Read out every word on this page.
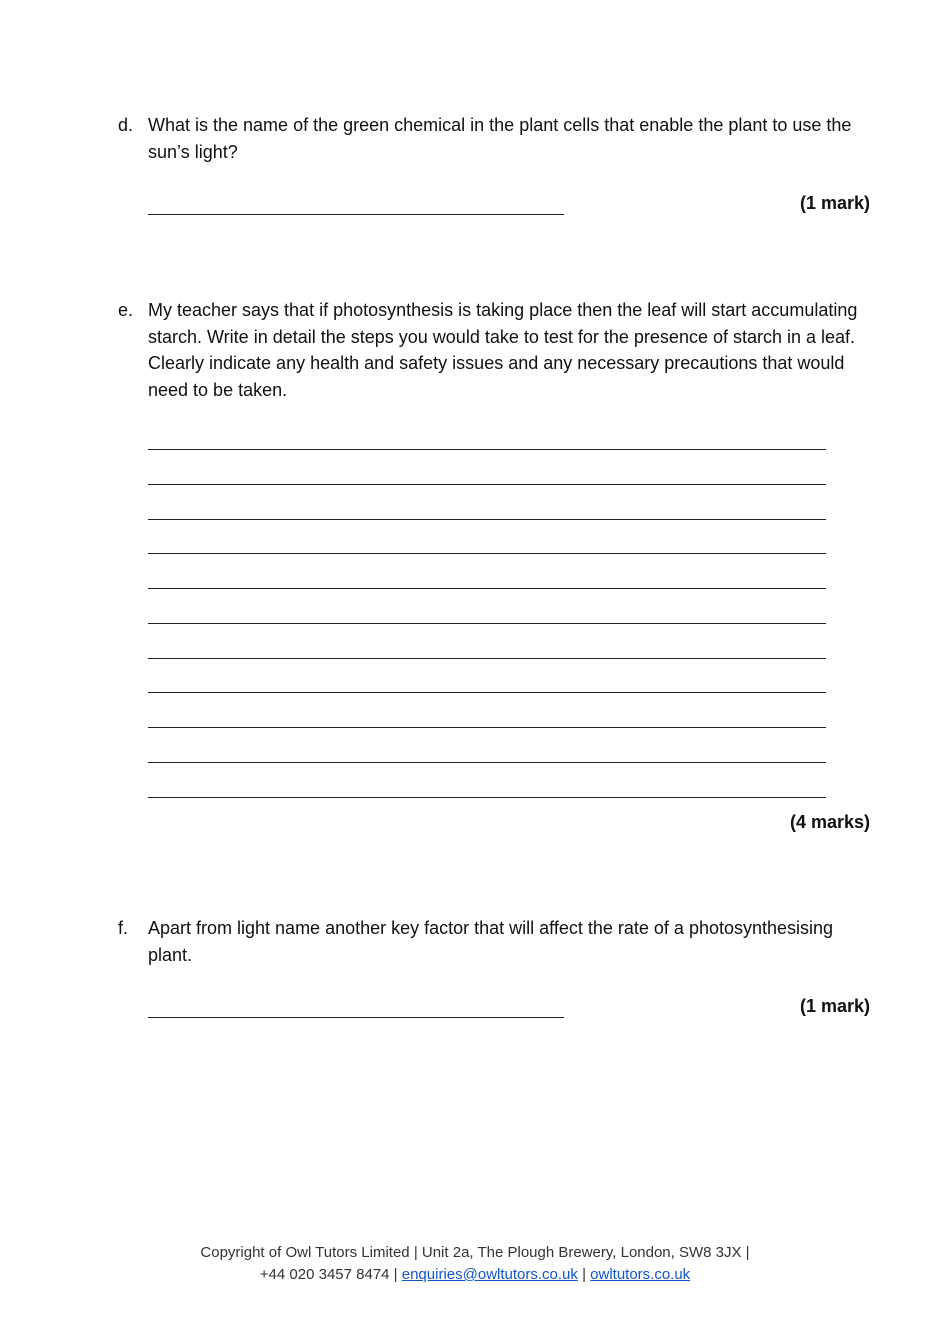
d. What is the name of the green chemical in the plant cells that enable the plant to use the sun’s light?
(1 mark)
e. My teacher says that if photosynthesis is taking place then the leaf will start accumulating starch. Write in detail the steps you would take to test for the presence of starch in a leaf. Clearly indicate any health and safety issues and any necessary precautions that would need to be taken.
(4 marks)
f. Apart from light name another key factor that will affect the rate of a photosynthesising plant.
(1 mark)
Copyright of Owl Tutors Limited | Unit 2a, The Plough Brewery, London, SW8 3JX |
+44 020 3457 8474 | enquiries@owltutors.co.uk | owltutors.co.uk
